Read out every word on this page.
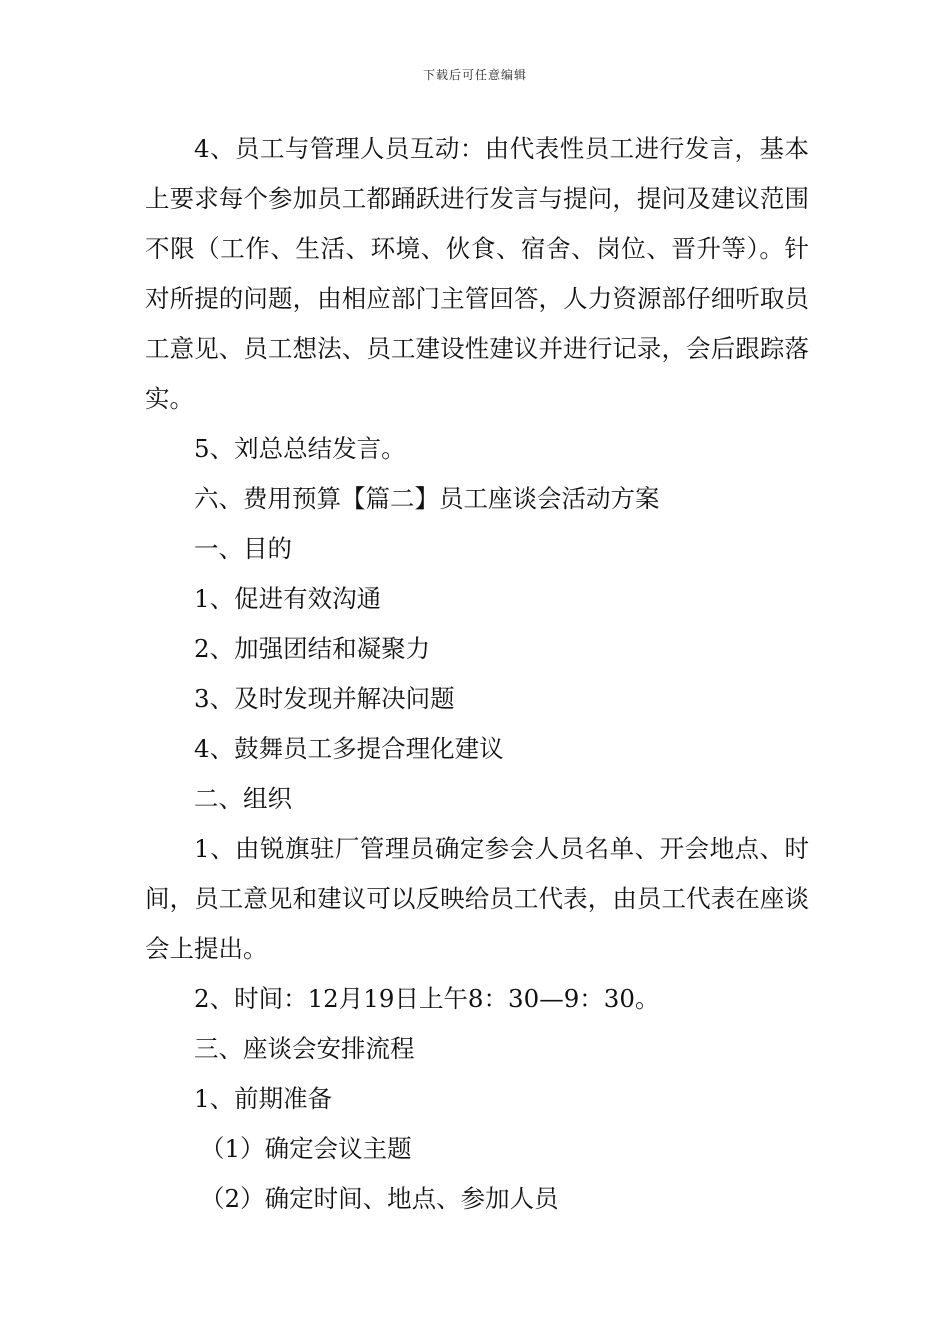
下载后可任意编辑

4、员工与管理人员互动：由代表性员工进行发言，基本上要求每个参加员工都踊跃进行发言与提问，提问及建议范围不限（工作、生活、环境、伙食、宿舍、岗位、晋升等）。针对所提的问题，由相应部门主管回答，人力资源部仔细听取员工意见、员工想法、员工建设性建议并进行记录，会后跟踪落实。

5、刘总总结发言。

六、费用预算【篇二】员工座谈会活动方案

一、目的

1、促进有效沟通

2、加强团结和凝聚力

3、及时发现并解决问题

4、鼓舞员工多提合理化建议

二、组织

1、由锐旗驻厂管理员确定参会人员名单、开会地点、时间，员工意见和建议可以反映给员工代表，由员工代表在座谈会上提出。

2、时间：12月19日上午8：30—9：30。

三、座谈会安排流程

1、前期准备

（1）确定会议主题

（2）确定时间、地点、参加人员
